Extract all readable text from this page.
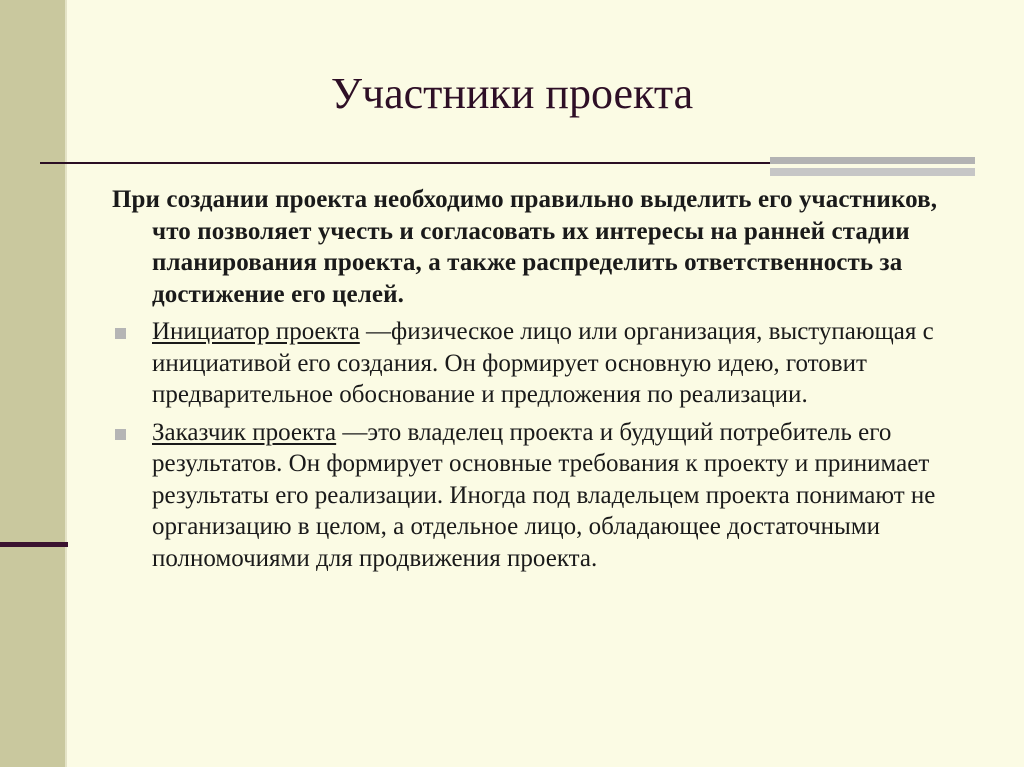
Участники проекта

При создании проекта необходимо правильно выделить его участников, что позволяет учесть и согласовать их интересы на ранней стадии планирования проекта, а также распределить ответственность за достижение его целей.

Инициатор проекта —физическое лицо или организация, выступающая с инициативой его создания. Он формирует основную идею, готовит предварительное обоснование и предложения по реализации.
Заказчик проекта —это владелец проекта и будущий потребитель его результатов. Он формирует основные требования к проекту и принимает результаты его реализации. Иногда под владельцем проекта понимают не организацию в целом, а отдельное лицо, обладающее достаточными полномочиями для продвижения проекта.
